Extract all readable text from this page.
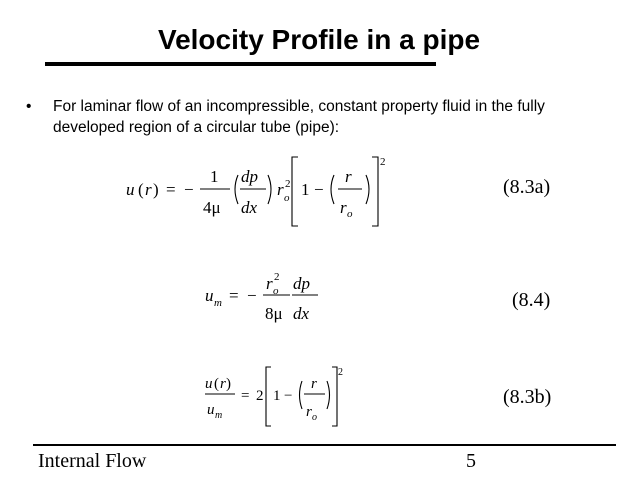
Velocity Profile in a pipe
• For laminar flow of an incompressible, constant property fluid in the fully developed region of a circular tube (pipe):
u ( r ) = −
1
4μ
dp
dx
r o
2 1 −
r
r o
2
(8.3a)
u m = −
r o
2
8μ
dp
dx
(8.4)
u ( r )
u m
= 2 1 −
r
r o
2
(8.3b)
Internal Flow	5
